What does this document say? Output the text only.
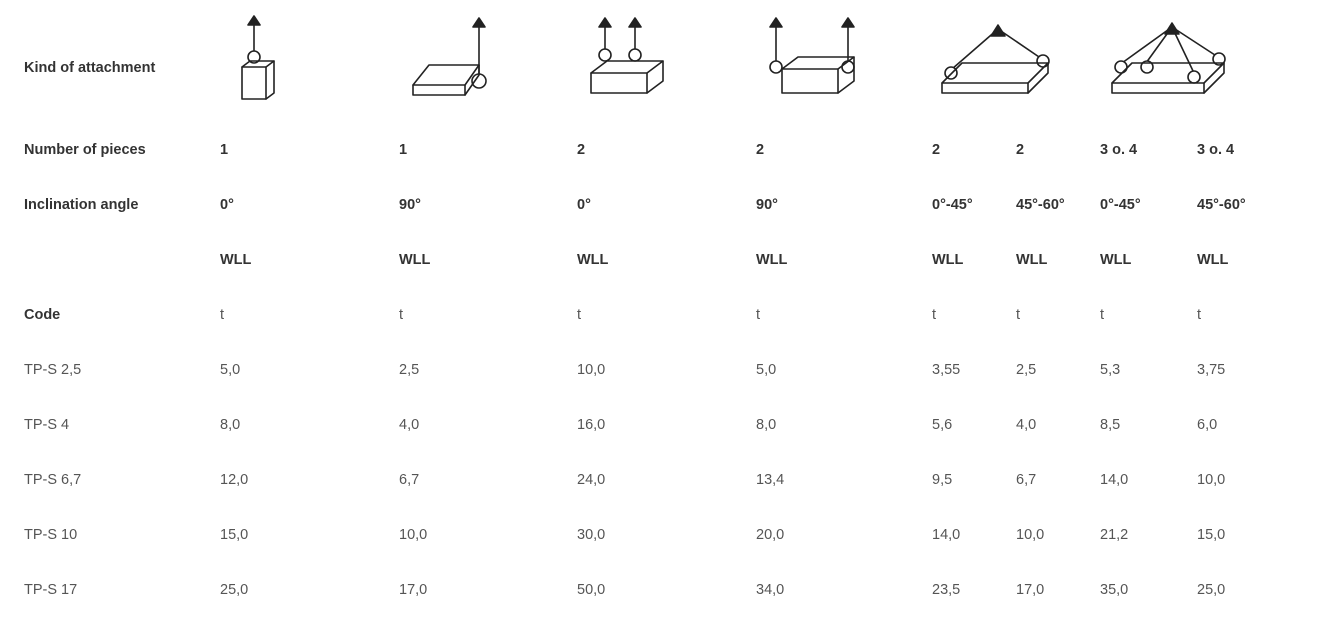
Kind of attachment	

Number of pieces	1	1	2	2	2	2	3 o. 4	3 o. 4
Inclination angle	0°	90°	0°	90°	0°-45°	45°-60°	0°-45°	45°-60°
	WLL	WLL	WLL	WLL	WLL	WLL	WLL	WLL
Code	t	t	t	t	t	t	t	t
TP-S 2,5	5,0	2,5	10,0	5,0	3,55	2,5	5,3	3,75
TP-S 4	8,0	4,0	16,0	8,0	5,6	4,0	8,5	6,0
TP-S 6,7	12,0	6,7	24,0	13,4	9,5	6,7	14,0	10,0
TP-S 10	15,0	10,0	30,0	20,0	14,0	10,0	21,2	15,0
TP-S 17	25,0	17,0	50,0	34,0	23,5	17,0	35,0	25,0
